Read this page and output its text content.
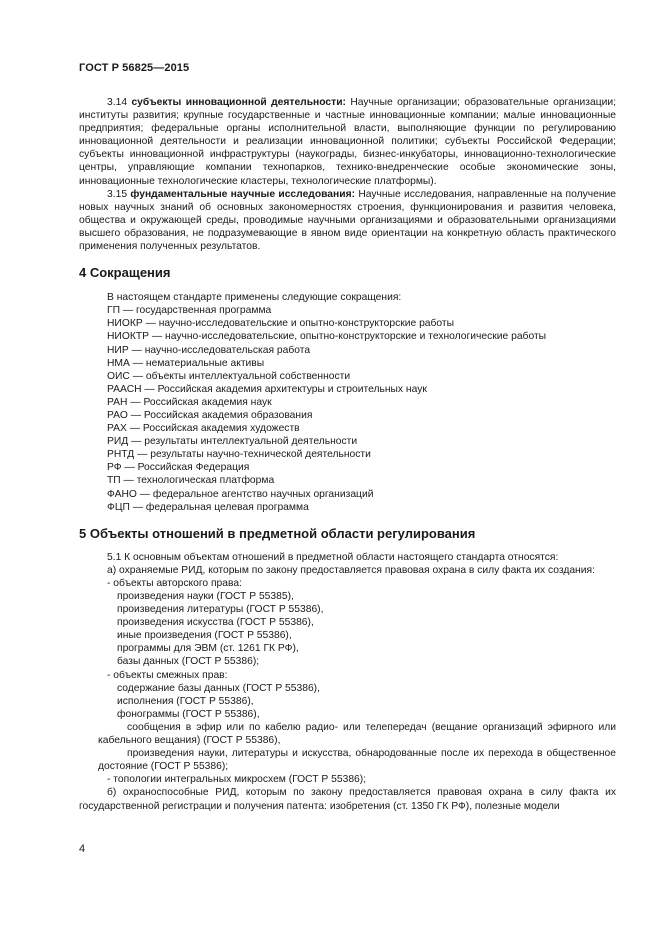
ГОСТ Р 56825—2015

3.14 субъекты инновационной деятельности: Научные организации; образовательные организации; институты развития; крупные государственные и частные инновационные компании; малые инновационные предприятия; федеральные органы исполнительной власти, выполняющие функции по регулированию инновационной деятельности и реализации инновационной политики; субъекты Российской Федерации; субъекты инновационной инфраструктуры (наукограды, бизнес-инкубаторы, инновационно-технологические центры, управляющие компании технопарков, технико-внедренческие особые экономические зоны, инновационные технологические кластеры, технологические платформы).

3.15 фундаментальные научные исследования: Научные исследования, направленные на получение новых научных знаний об основных закономерностях строения, функционирования и развития человека, общества и окружающей среды, проводимые научными организациями и образовательными организациями высшего образования, не подразумевающие в явном виде ориентации на конкретную область практического применения полученных результатов.

4 Сокращения

В настоящем стандарте применены следующие сокращения:

ГП — государственная программа

НИОКР — научно-исследовательские и опытно-конструкторские работы

НИОКТР — научно-исследовательские, опытно-конструкторские и технологические работы

НИР — научно-исследовательская работа

НМА — нематериальные активы

ОИС — объекты интеллектуальной собственности

РААСН — Российская академия архитектуры и строительных наук

РАН — Российская академия наук

РАО — Российская академия образования

РАХ — Российская академия художеств

РИД — результаты интеллектуальной деятельности

РНТД — результаты научно-технической деятельности

РФ — Российская Федерация

ТП — технологическая платформа

ФАНО — федеральное агентство научных организаций

ФЦП — федеральная целевая программа

5 Объекты отношений в предметной области регулирования

5.1 К основным объектам отношений в предметной области настоящего стандарта относятся:

а) охраняемые РИД, которым по закону предоставляется правовая охрана в силу факта их создания:

- объекты авторского права:

произведения науки (ГОСТ Р 55385),

произведения литературы (ГОСТ Р 55386),

произведения искусства (ГОСТ Р 55386),

иные произведения (ГОСТ Р 55386),

программы для ЭВМ (ст. 1261 ГК РФ),

базы данных (ГОСТ Р 55386);

- объекты смежных прав:

содержание базы данных (ГОСТ Р 55386),

исполнения (ГОСТ Р 55386),

фонограммы (ГОСТ Р 55386),

сообщения в эфир или по кабелю радио- или телепередач (вещание организаций эфирного или кабельного вещания) (ГОСТ Р 55386),

произведения науки, литературы и искусства, обнародованные после их перехода в общественное достояние (ГОСТ Р 55386);

- топологии интегральных микросхем (ГОСТ Р 55386);

б) охраноспособные РИД, которым по закону предоставляется правовая охрана в силу факта их государственной регистрации и получения патента: изобретения (ст. 1350 ГК РФ), полезные модели

4
